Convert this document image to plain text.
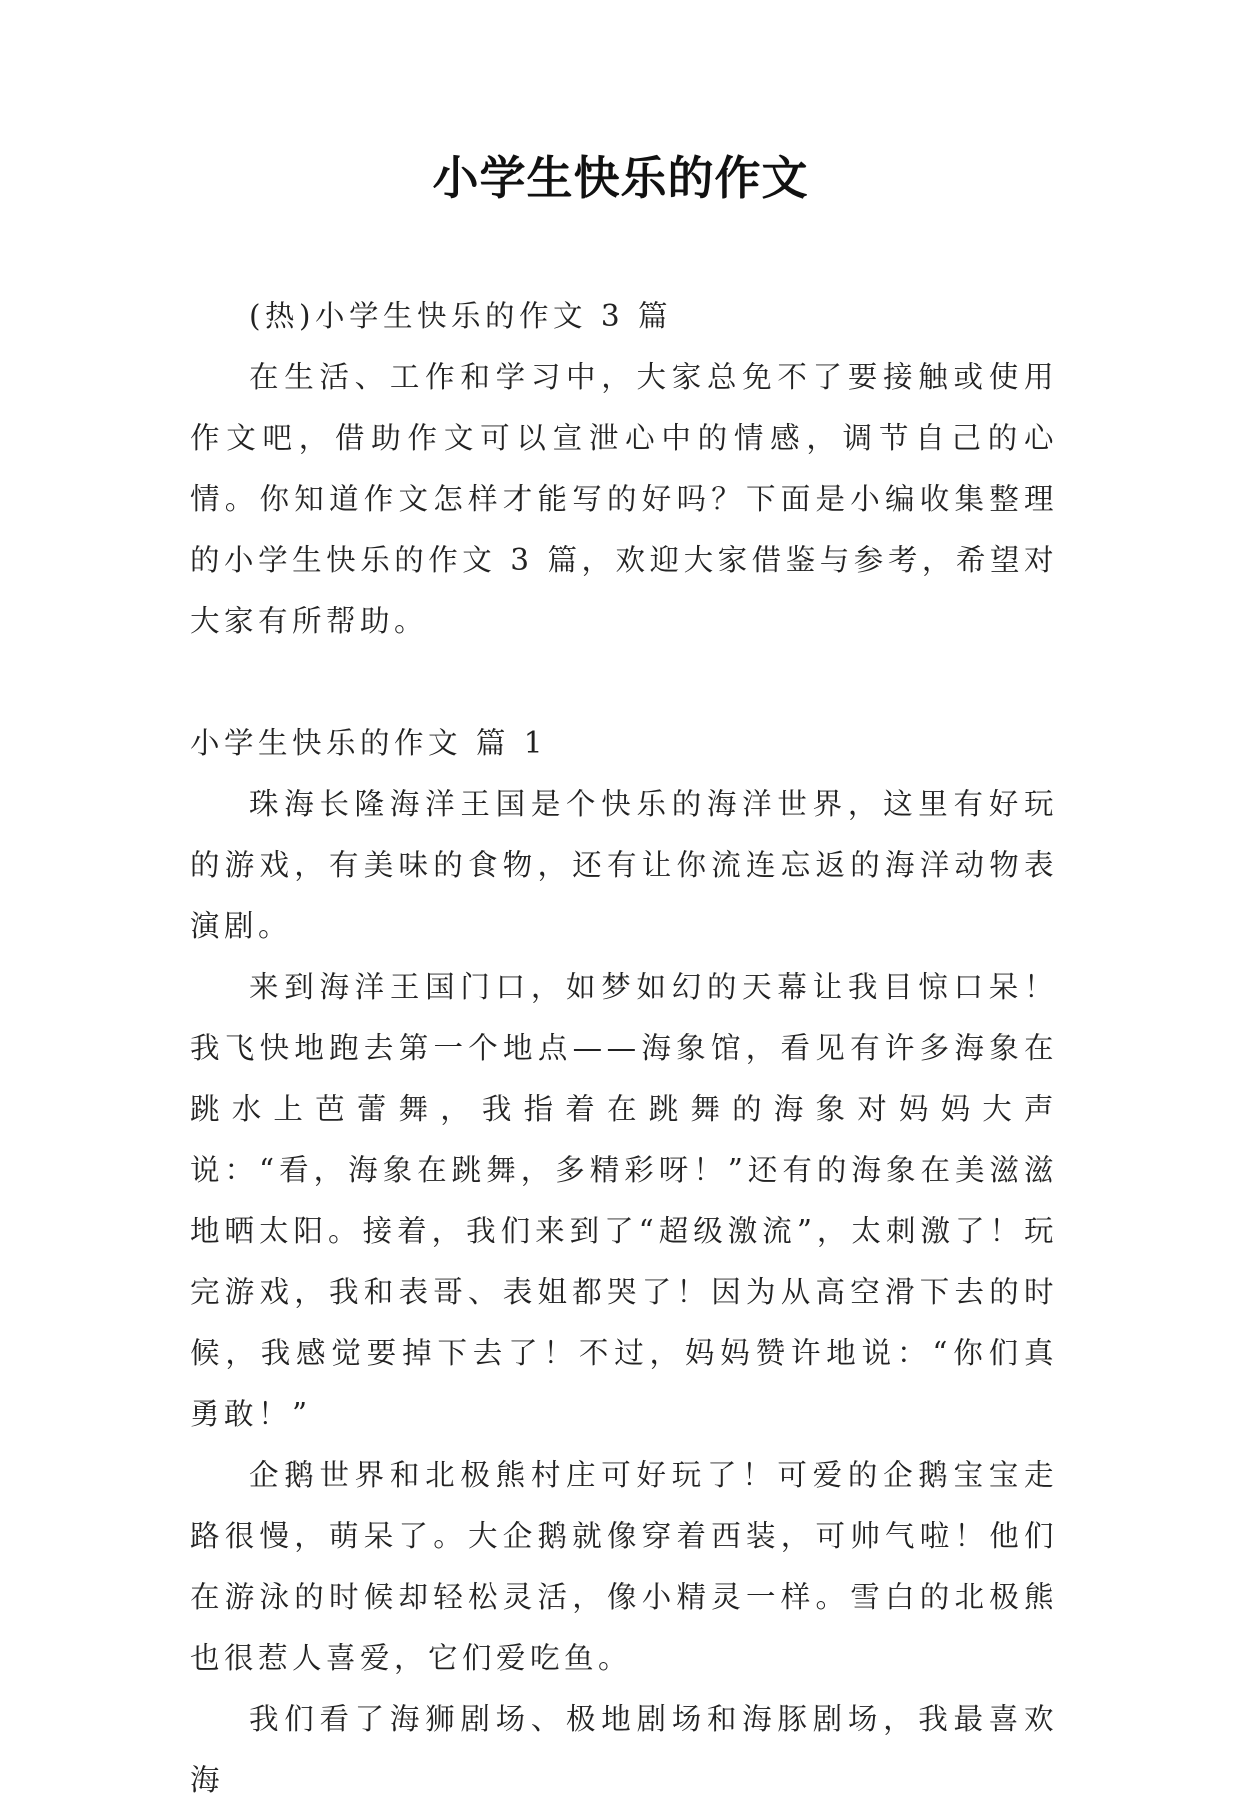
小学生快乐的作文

(热)小学生快乐的作文 3 篇

在生活、工作和学习中，大家总免不了要接触或使用作文吧，借助作文可以宣泄心中的情感，调节自己的心情。你知道作文怎样才能写的好吗？下面是小编收集整理的小学生快乐的作文 3 篇，欢迎大家借鉴与参考，希望对大家有所帮助。

小学生快乐的作文 篇 1

珠海长隆海洋王国是个快乐的海洋世界，这里有好玩的游戏，有美味的食物，还有让你流连忘返的海洋动物表演剧。

来到海洋王国门口，如梦如幻的天幕让我目惊口呆！我飞快地跑去第一个地点——海象馆，看见有许多海象在跳水上芭蕾舞，我指着在跳舞的海象对妈妈大声说：“看，海象在跳舞，多精彩呀！”还有的海象在美滋滋地晒太阳。接着，我们来到了“超级激流”，太刺激了！玩完游戏，我和表哥、表姐都哭了！因为从高空滑下去的时候，我感觉要掉下去了！不过，妈妈赞许地说：“你们真勇敢！”

企鹅世界和北极熊村庄可好玩了！可爱的企鹅宝宝走路很慢，萌呆了。大企鹅就像穿着西装，可帅气啦！他们在游泳的时候却轻松灵活，像小精灵一样。雪白的北极熊也很惹人喜爱，它们爱吃鱼。

我们看了海狮剧场、极地剧场和海豚剧场，我最喜欢海
